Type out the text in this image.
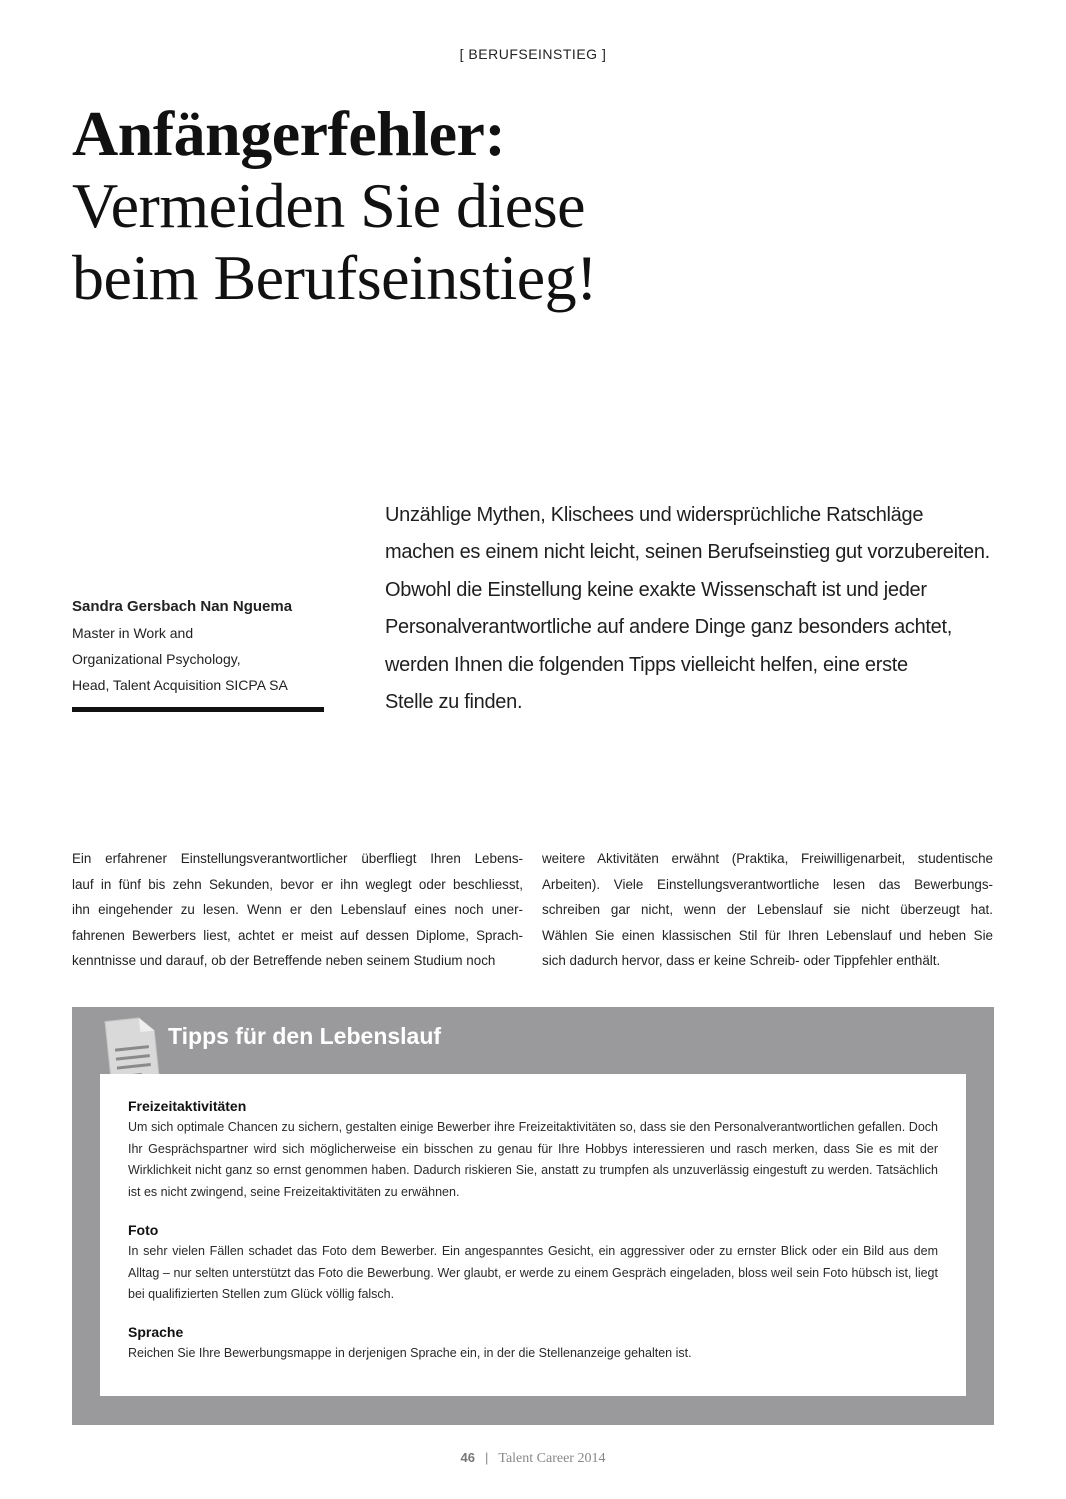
[ BERUFSEINSTIEG ]
Anfängerfehler:
Vermeiden Sie diese
beim Berufseinstieg!
Sandra Gersbach Nan Nguema
Master in Work and
Organizational Psychology,
Head, Talent Acquisition SICPA SA
Unzählige Mythen, Klischees und widersprüchliche Ratschläge
machen es einem nicht leicht, seinen Berufseinstieg gut vorzubereiten.
Obwohl die Einstellung keine exakte Wissenschaft ist und jeder
Personalverantwortliche auf andere Dinge ganz besonders achtet,
werden Ihnen die folgenden Tipps vielleicht helfen, eine erste
Stelle zu finden.
Ein erfahrener Einstellungsverantwortlicher überfliegt Ihren Lebens-
lauf in fünf bis zehn Sekunden, bevor er ihn weglegt oder beschliesst,
ihn eingehender zu lesen. Wenn er den Lebenslauf eines noch uner-
fahrenen Bewerbers liest, achtet er meist auf dessen Diplome, Sprach-
kenntnisse und darauf, ob der Betreffende neben seinem Studium noch
weitere Aktivitäten erwähnt (Praktika, Freiwilligenarbeit, studentische
Arbeiten). Viele Einstellungsverantwortliche lesen das Bewerbungs-
schreiben gar nicht, wenn der Lebenslauf sie nicht überzeugt hat.
Wählen Sie einen klassischen Stil für Ihren Lebenslauf und heben Sie
sich dadurch hervor, dass er keine Schreib- oder Tippfehler enthält.
Tipps für den Lebenslauf
Freizeitaktivitäten
Um sich optimale Chancen zu sichern, gestalten einige Bewerber ihre Freizeitaktivitäten so, dass sie den Personalverantwortlichen gefallen. Doch Ihr Gesprächspartner wird sich möglicherweise ein bisschen zu genau für Ihre Hobbys interessieren und rasch merken, dass Sie es mit der Wirklichkeit nicht ganz so ernst genommen haben. Dadurch riskieren Sie, anstatt zu trumpfen als unzuverlässig eingestuft zu werden. Tatsächlich ist es nicht zwingend, seine Freizeitaktivitäten zu erwähnen.
Foto
In sehr vielen Fällen schadet das Foto dem Bewerber. Ein angespanntes Gesicht, ein aggressiver oder zu ernster Blick oder ein Bild aus dem Alltag – nur selten unterstützt das Foto die Bewerbung. Wer glaubt, er werde zu einem Gespräch eingeladen, bloss weil sein Foto hübsch ist, liegt bei qualifizierten Stellen zum Glück völlig falsch.
Sprache
Reichen Sie Ihre Bewerbungsmappe in derjenigen Sprache ein, in der die Stellenanzeige gehalten ist.
46 | Talent Career 2014
